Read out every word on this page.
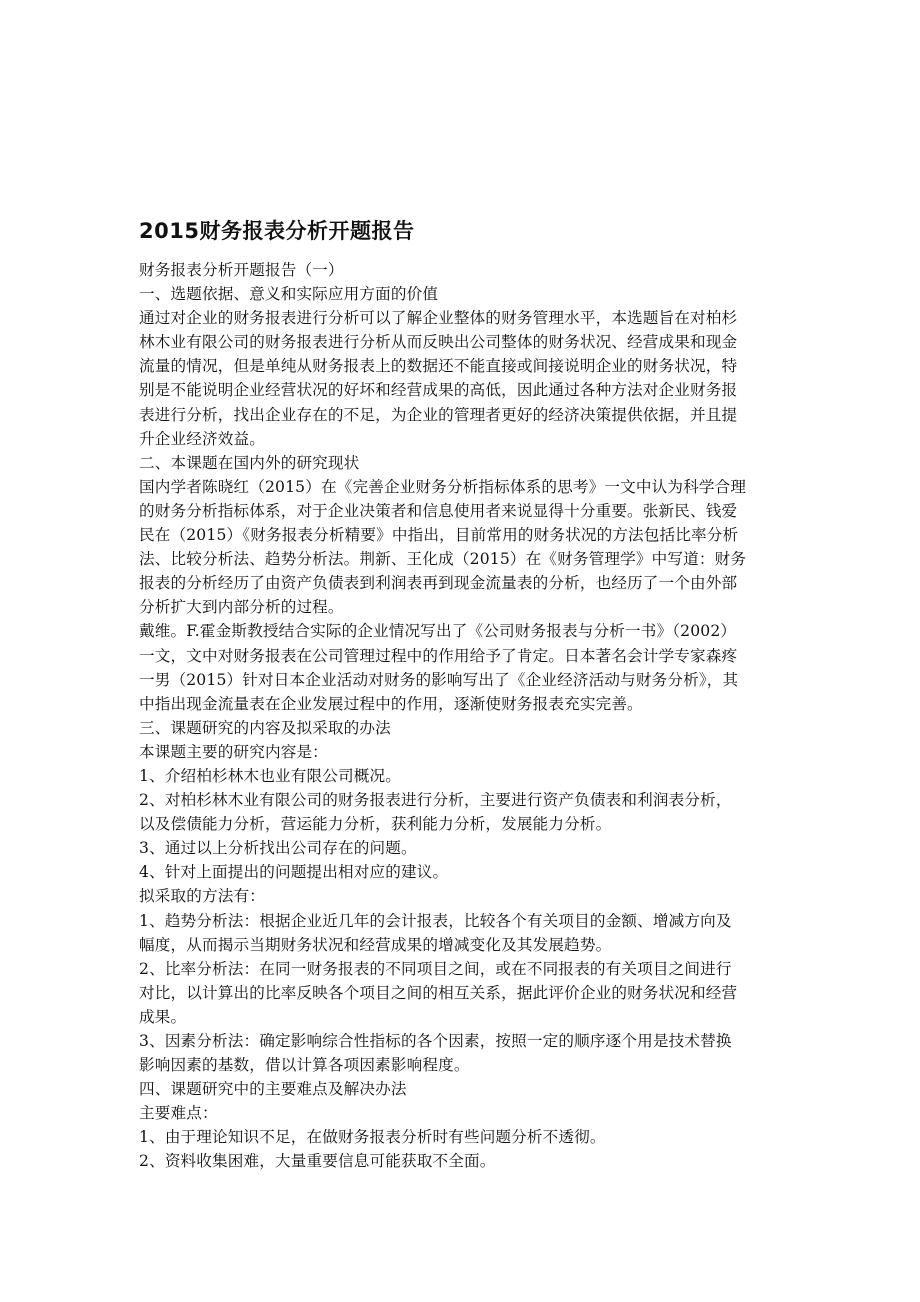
2015财务报表分析开题报告
财务报表分析开题报告（一）
一、选题依据、意义和实际应用方面的价值
通过对企业的财务报表进行分析可以了解企业整体的财务管理水平，本选题旨在对柏杉
林木业有限公司的财务报表进行分析从而反映出公司整体的财务状况、经营成果和现金
流量的情况，但是单纯从财务报表上的数据还不能直接或间接说明企业的财务状况，特
别是不能说明企业经营状况的好坏和经营成果的高低，因此通过各种方法对企业财务报
表进行分析，找出企业存在的不足，为企业的管理者更好的经济决策提供依据，并且提
升企业经济效益。
二、本课题在国内外的研究现状
国内学者陈晓红（2015）在《完善企业财务分析指标体系的思考》一文中认为科学合理
的财务分析指标体系，对于企业决策者和信息使用者来说显得十分重要。张新民、钱爱
民在（2015）《财务报表分析精要》中指出，目前常用的财务状况的方法包括比率分析
法、比较分析法、趋势分析法。荆新、王化成（2015）在《财务管理学》中写道：财务
报表的分析经历了由资产负债表到利润表再到现金流量表的分析，也经历了一个由外部
分析扩大到内部分析的过程。
戴维。F.霍金斯教授结合实际的企业情况写出了《公司财务报表与分析一书》（2002）
一文，文中对财务报表在公司管理过程中的作用给予了肯定。日本著名会计学专家森疼
一男（2015）针对日本企业活动对财务的影响写出了《企业经济活动与财务分析》，其
中指出现金流量表在企业发展过程中的作用，逐渐使财务报表充实完善。
三、课题研究的内容及拟采取的办法
本课题主要的研究内容是：
1、介绍柏杉林木也业有限公司概况。
2、对柏杉林木业有限公司的财务报表进行分析，主要进行资产负债表和利润表分析，
以及偿债能力分析，营运能力分析，获利能力分析，发展能力分析。
3、通过以上分析找出公司存在的问题。
4、针对上面提出的问题提出相对应的建议。
拟采取的方法有：
1、趋势分析法：根据企业近几年的会计报表，比较各个有关项目的金额、增减方向及
幅度，从而揭示当期财务状况和经营成果的增减变化及其发展趋势。
2、比率分析法：在同一财务报表的不同项目之间，或在不同报表的有关项目之间进行
对比，以计算出的比率反映各个项目之间的相互关系，据此评价企业的财务状况和经营
成果。
3、因素分析法：确定影响综合性指标的各个因素，按照一定的顺序逐个用是技术替换
影响因素的基数，借以计算各项因素影响程度。
四、课题研究中的主要难点及解决办法
主要难点：
1、由于理论知识不足，在做财务报表分析时有些问题分析不透彻。
2、资料收集困难，大量重要信息可能获取不全面。
